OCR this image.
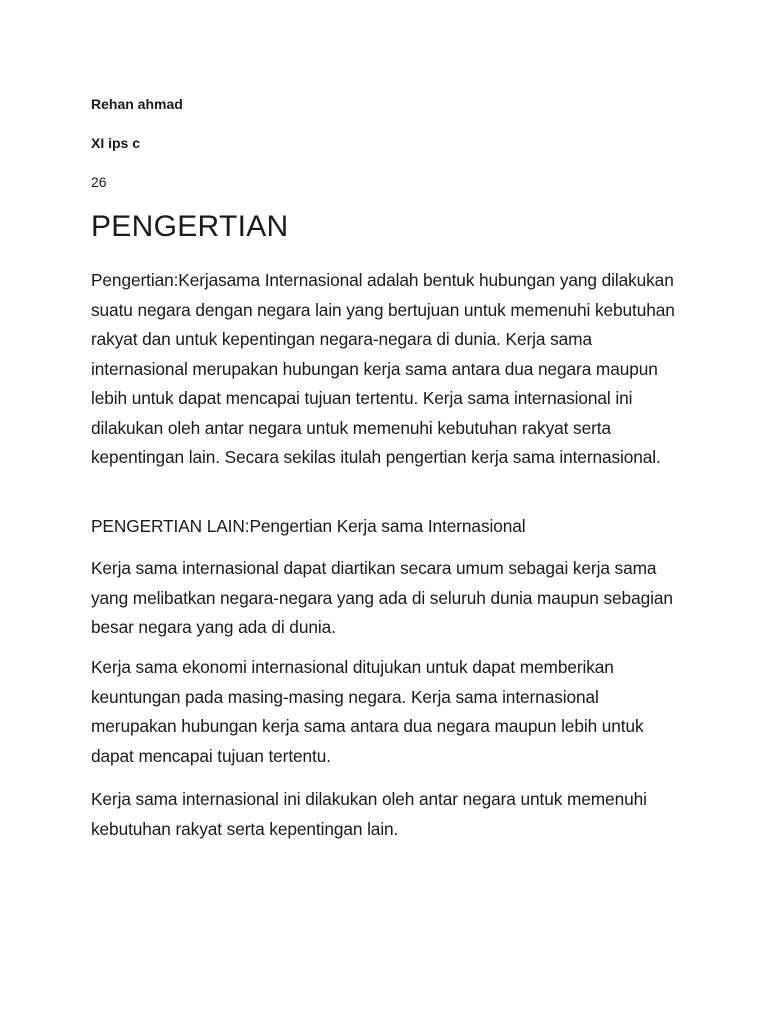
Rehan ahmad

XI ips c

26

PENGERTIAN

Pengertian:Kerjasama Internasional adalah bentuk hubungan yang dilakukan suatu negara dengan negara lain yang bertujuan untuk memenuhi kebutuhan rakyat dan untuk kepentingan negara-negara di dunia. Kerja sama internasional merupakan hubungan kerja sama antara dua negara maupun lebih untuk dapat mencapai tujuan tertentu. Kerja sama internasional ini dilakukan oleh antar negara untuk memenuhi kebutuhan rakyat serta kepentingan lain. Secara sekilas itulah pengertian kerja sama internasional.

PENGERTIAN LAIN:Pengertian Kerja sama Internasional

Kerja sama internasional dapat diartikan secara umum sebagai kerja sama yang melibatkan negara-negara yang ada di seluruh dunia maupun sebagian besar negara yang ada di dunia.

Kerja sama ekonomi internasional ditujukan untuk dapat memberikan keuntungan pada masing-masing negara. Kerja sama internasional merupakan hubungan kerja sama antara dua negara maupun lebih untuk dapat mencapai tujuan tertentu.

Kerja sama internasional ini dilakukan oleh antar negara untuk memenuhi kebutuhan rakyat serta kepentingan lain.
